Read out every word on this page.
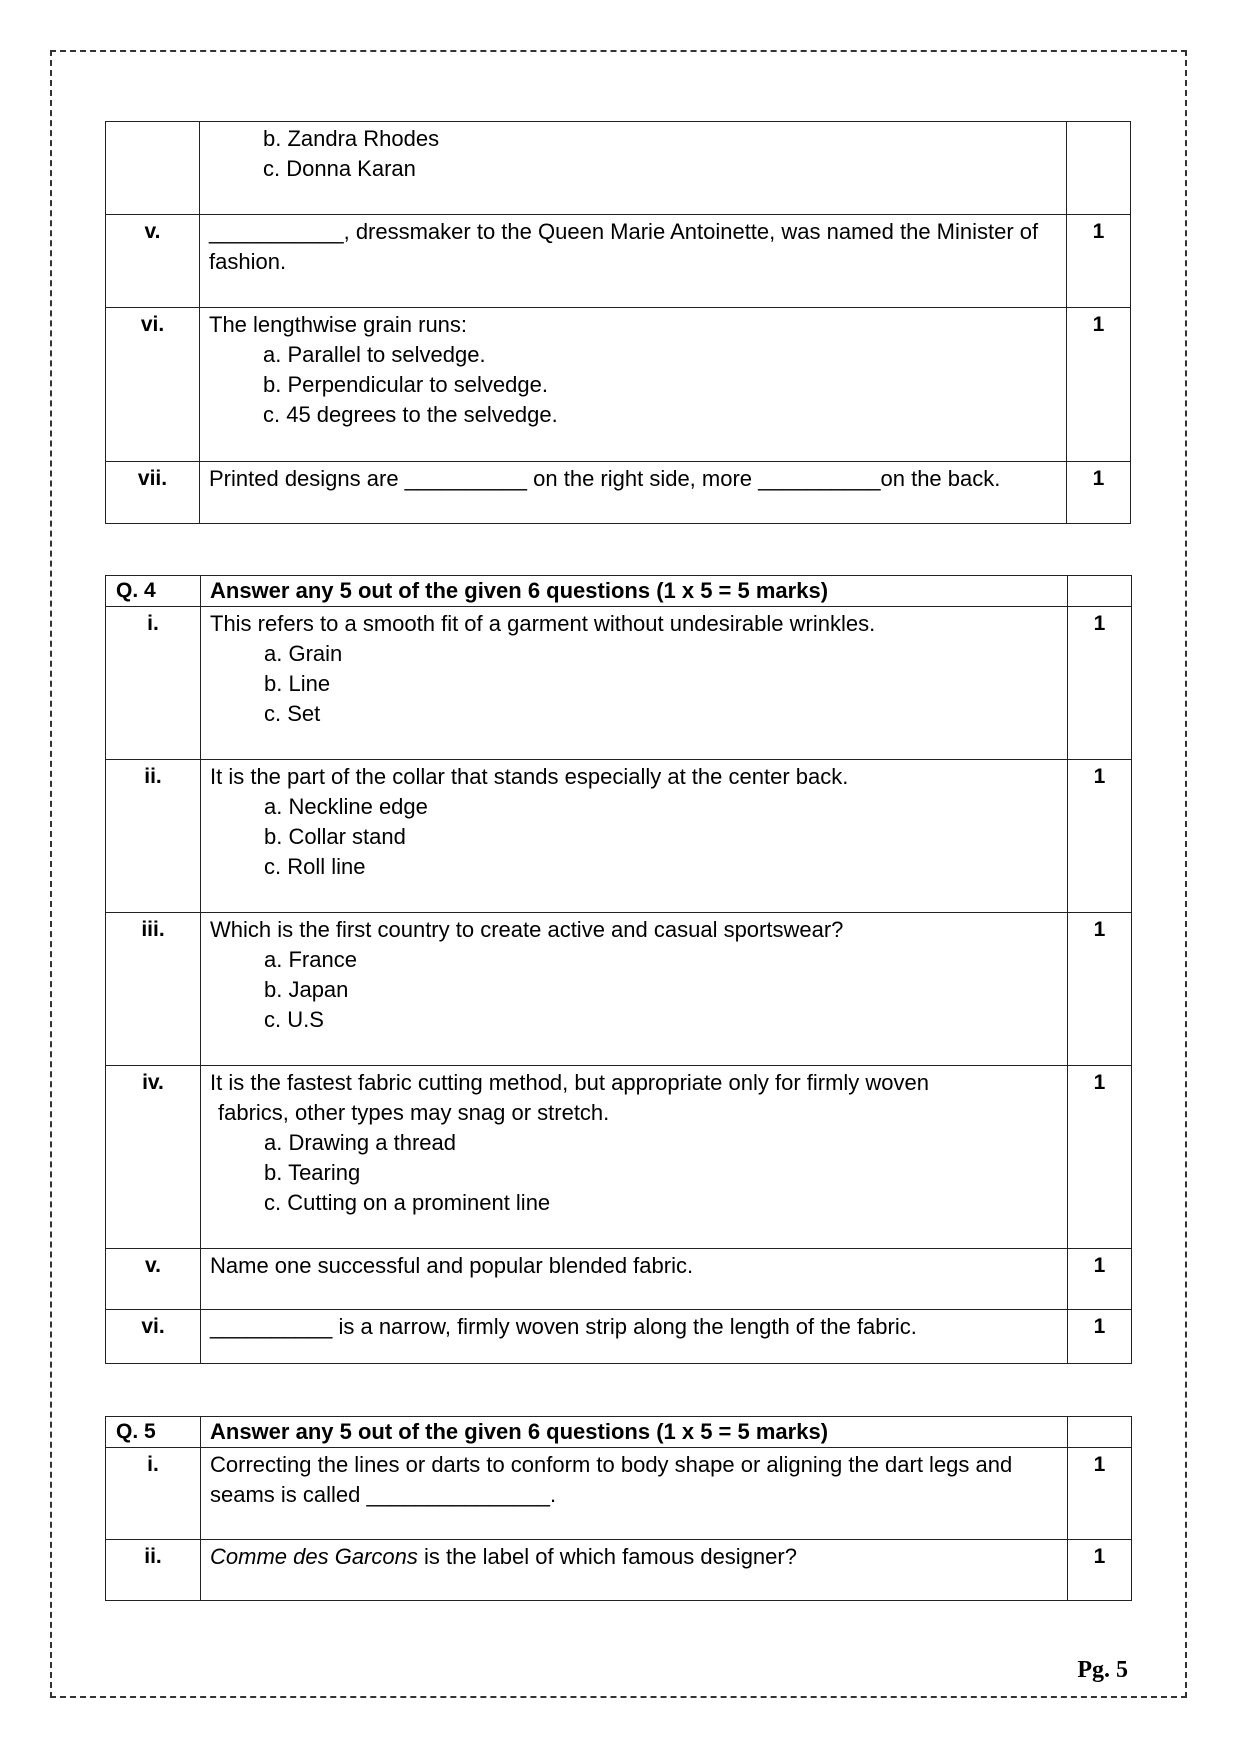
	b. Zandra Rhodes
c. Donna Karan	

v.	___________, dressmaker to the Queen Marie Antoinette, was named the Minister of fashion.	1
vi.	The lengthwise grain runs:
a. Parallel to selvedge.
b. Perpendicular to selvedge.
c. 45 degrees to the selvedge.	1
vii.	Printed designs are __________ on the right side, more __________on the back.	1
Q. 4	Answer any 5 out of the given 6 questions (1 x 5 = 5 marks)	
i.	This refers to a smooth fit of a garment without undesirable wrinkles.
a. Grain
b. Line
c. Set	1
ii.	It is the part of the collar that stands especially at the center back.
a. Neckline edge
b. Collar stand
c. Roll line	1
iii.	Which is the first country to create active and casual sportswear?
a. France
b. Japan
c. U.S	1
iv.	It is the fastest fabric cutting method, but appropriate only for firmly woven
fabrics, other types may snag or stretch.
a. Drawing a thread
b. Tearing
c. Cutting on a prominent line	1
v.	Name one successful and popular blended fabric.	1
vi.	__________ is a narrow, firmly woven strip along the length of the fabric.	1
Q. 5	Answer any 5 out of the given 6 questions (1 x 5 = 5 marks)	
i.	Correcting the lines or darts to conform to body shape or aligning the dart legs and seams is called _______________.	1
ii.	Comme des Garcons is the label of which famous designer?	1
Pg. 5
